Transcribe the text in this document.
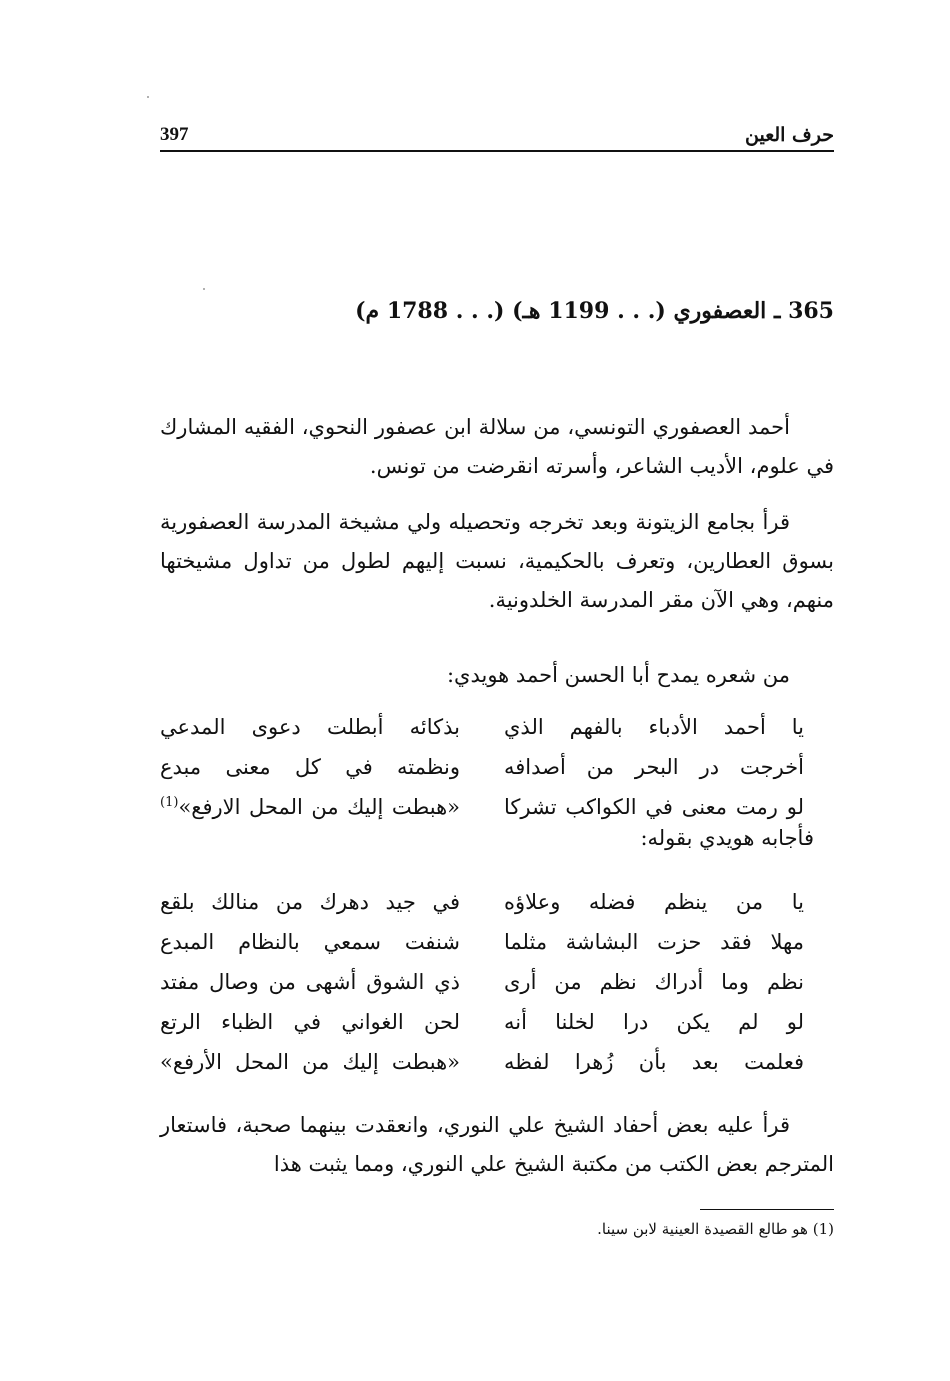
397	حرف العين
365 ـ العصفوري (. . . 1199 هـ) (. . . 1788 م)

أحمد العصفوري التونسي، من سلالة ابن عصفور النحوي، الفقيه المشارك في علوم، الأديب الشاعر، وأسرته انقرضت من تونس.

قرأ بجامع الزيتونة وبعد تخرجه وتحصيله ولي مشيخة المدرسة العصفورية بسوق العطارين، وتعرف بالحكيمية، نسبت إليهم لطول من تداول مشيختها منهم، وهي الآن مقر المدرسة الخلدونية.

من شعره يمدح أبا الحسن أحمد هويدي:

يا أحمد الأدباء بالفهم الذي
بذكائه أبطلت دعوى المدعي
أخرجت در البحر من أصدافه
ونظمته في كل معنى مبدع
لو رمت معنى في الكواكب تشركا
«هبطت إليك من المحل الارفع»$^{(1)}$
فأجابه هويدي بقوله:
يا من ينظم فضله وعلاؤه
في جيد دهرك من منالك بلقع
مهلا فقد حزت البشاشة مثلما
شنفت سمعي بالنظام المبدع
نظم وما أدراك نظم من أرى
ذي الشوق أشهى من وصال مفتد
لو لم يكن درا لخلنا أنه
لحن الغواني في الظباء الرتع
فعلمت بعد بأن زُهرا لفظه
«هبطت إليك من المحل الأرفع»

قرأ عليه بعض أحفاد الشيخ علي النوري، وانعقدت بينهما صحبة، فاستعار المترجم بعض الكتب من مكتبة الشيخ علي النوري، ومما يثبت هذا

(1) هو طالع القصيدة العينية لابن سينا.
